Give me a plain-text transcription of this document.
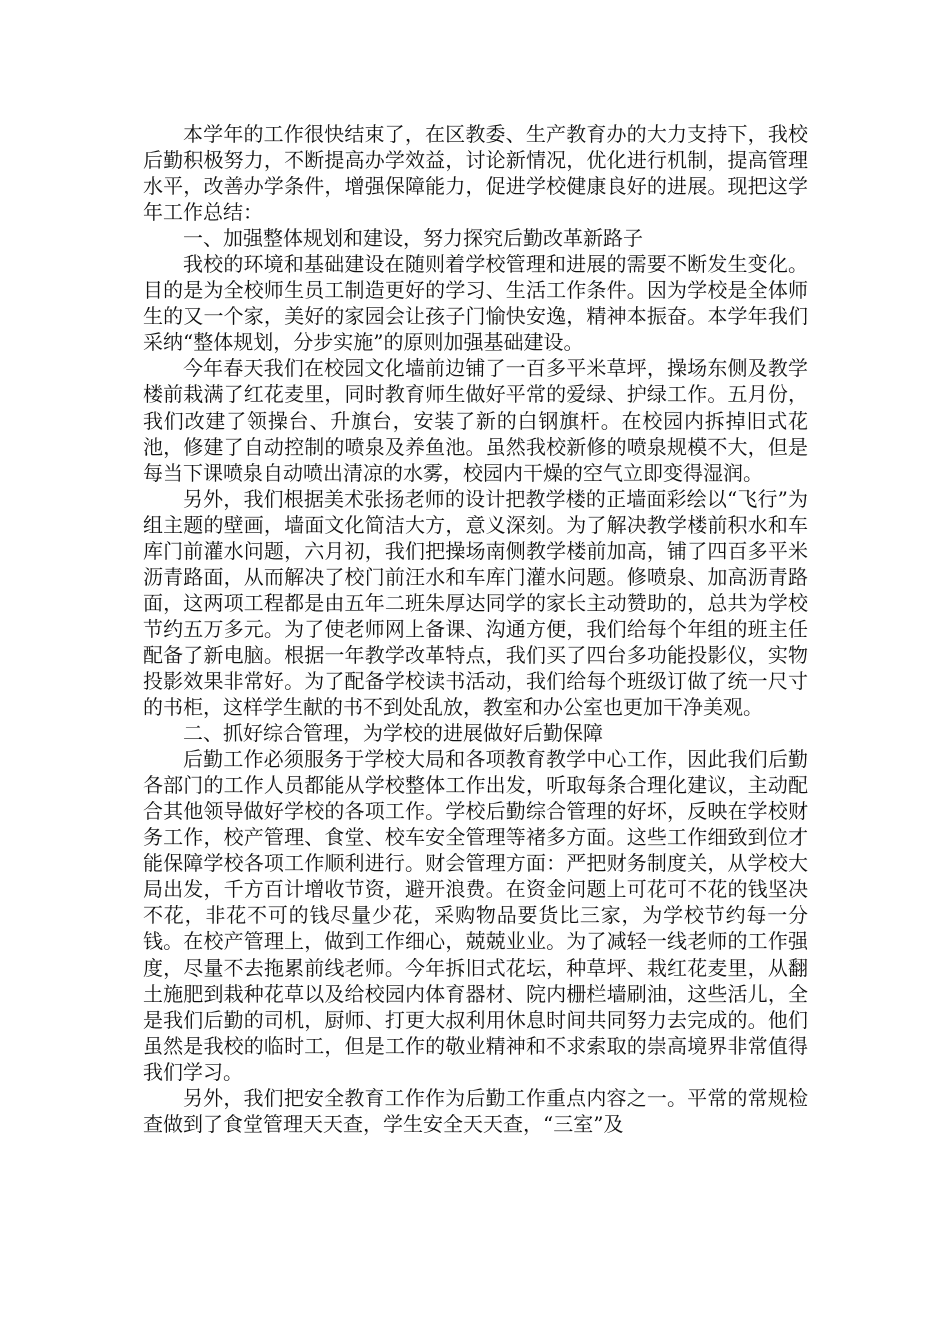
本学年的工作很快结束了，在区教委、生产教育办的大力支持下，我校后勤积极努力，不断提高办学效益，讨论新情况，优化进行机制，提高管理水平，改善办学条件，增强保障能力，促进学校健康良好的进展。现把这学年工作总结：

一、加强整体规划和建设，努力探究后勤改革新路子

我校的环境和基础建设在随则着学校管理和进展的需要不断发生变化。目的是为全校师生员工制造更好的学习、生活工作条件。因为学校是全体师生的又一个家，美好的家园会让孩子门愉快安逸，精神本振奋。本学年我们采纳“整体规划，分步实施”的原则加强基础建设。

今年春天我们在校园文化墙前边铺了一百多平米草坪，操场东侧及教学楼前栽满了红花麦里，同时教育师生做好平常的爱绿、护绿工作。五月份，我们改建了领操台、升旗台，安装了新的白钢旗杆。在校园内拆掉旧式花池，修建了自动控制的喷泉及养鱼池。虽然我校新修的喷泉规模不大，但是每当下课喷泉自动喷出清凉的水雾，校园内干燥的空气立即变得湿润。

另外，我们根据美术张扬老师的设计把教学楼的正墙面彩绘以“飞行”为组主题的壁画，墙面文化简洁大方，意义深刻。为了解决教学楼前积水和车库门前灌水问题，六月初，我们把操场南侧教学楼前加高，铺了四百多平米沥青路面，从而解决了校门前汪水和车库门灌水问题。修喷泉、加高沥青路面，这两项工程都是由五年二班朱厚达同学的家长主动赞助的，总共为学校节约五万多元。为了使老师网上备课、沟通方便，我们给每个年组的班主任配备了新电脑。根据一年教学改革特点，我们买了四台多功能投影仪，实物投影效果非常好。为了配备学校读书活动，我们给每个班级订做了统一尺寸的书柜，这样学生献的书不到处乱放，教室和办公室也更加干净美观。

二、抓好综合管理，为学校的进展做好后勤保障

后勤工作必须服务于学校大局和各项教育教学中心工作，因此我们后勤各部门的工作人员都能从学校整体工作出发，听取每条合理化建议，主动配合其他领导做好学校的各项工作。学校后勤综合管理的好坏，反映在学校财务工作，校产管理、食堂、校车安全管理等褚多方面。这些工作细致到位才能保障学校各项工作顺利进行。财会管理方面：严把财务制度关，从学校大局出发，千方百计增收节资，避开浪费。在资金问题上可花可不花的钱坚决不花，非花不可的钱尽量少花，采购物品要货比三家，为学校节约每一分钱。在校产管理上，做到工作细心，兢兢业业。为了减轻一线老师的工作强度，尽量不去拖累前线老师。今年拆旧式花坛，种草坪、栽红花麦里，从翻土施肥到栽种花草以及给校园内体育器材、院内栅栏墙刷油，这些活儿，全是我们后勤的司机，厨师、打更大叔利用休息时间共同努力去完成的。他们虽然是我校的临时工，但是工作的敬业精神和不求索取的崇高境界非常值得我们学习。

另外，我们把安全教育工作作为后勤工作重点内容之一。平常的常规检查做到了食堂管理天天查，学生安全天天查，“三室”及
